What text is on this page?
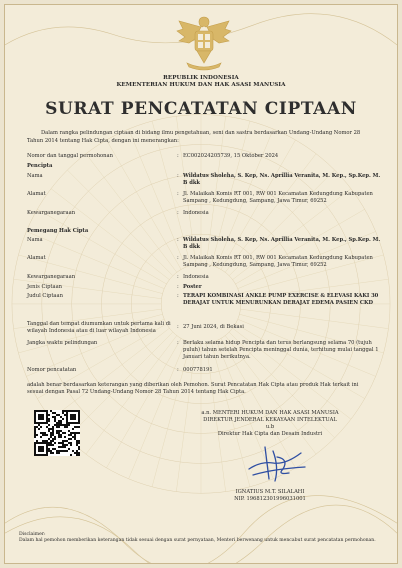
REPUBLIK INDONESIA
KEMENTERIAN HUKUM DAN HAK ASASI MANUSIA
SURAT PENCATATAN CIPTAAN
Dalam rangka pelindungan ciptaan di bidang ilmu pengetahuan, seni dan sastra berdasarkan Undang-Undang Nomor 28 Tahun 2014 tentang Hak Cipta, dengan ini menerangkan:
Nomor dan tanggal permohonan	: EC002024205739, 15 Oktober 2024
Pencipta
Nama	: Wildatus Sholeha, S. Kep, Ns. Aprillia Veranita, M. Kep., Sp.Kep. M. B dkk
Alamat	: Jl. Malaikah Komis RT 001, RW 001 Kecamatan Kedungdung Kabupaten Sampang , Kedungdung, Sampang, Jawa Timur, 69252
Kewarganegaraan	: Indonesia
Pemegang Hak Cipta
Nama	: Wildatus Sholeha, S. Kep, Ns. Aprillia Veranita, M. Kep., Sp.Kep. M. B dkk
Alamat	: Jl. Malaikah Komis RT 001, RW 001 Kecamatan Kedungdung Kabupaten Sampang , Kedungdung, Sampang, Jawa Timur, 69252
Kewarganegaraan	: Indonesia
Jenis Ciptaan	: Poster
Judul Ciptaan	: TERAPI KOMBINASI ANKLE PUMP EXERCISE & ELEVASI KAKI 30 DERAJAT UNTUK MENURUNKAN DERAJAT EDEMA PASIEN CKD
Tanggal dan tempat diumumkan untuk pertama kali di wilayah Indonesia atau di luar wilayah Indonesia
: 27 Juni 2024, di Bekasi
Jangka waktu pelindungan	: Berlaku selama hidup Pencipta dan terus berlangsung selama 70 (tujuh puluh) tahun setelah Pencipta meninggal dunia, terhitung mulai tanggal 1 Januari tahun berikutnya.
Nomor pencatatan	: 000778191
adalah benar berdasarkan keterangan yang diberikan oleh Pemohon. Surat Pencatatan Hak Cipta atau produk Hak terkait ini sesuai dengan Pasal 72 Undang-Undang Nomor 28 Tahun 2014 tentang Hak Cipta.
a.n. MENTERI HUKUM DAN HAK ASASI MANUSIA
DIREKTUR JENDERAL KEKAYAAN INTELEKTUAL
u.b
Direktur Hak Cipta dan Desain Industri
IGNATIUS M.T. SILALAHI
NIP. 196812301996031001
Disclaimer:
Dalam hal pemohon memberikan keterangan tidak sesuai dengan surat pernyataan, Menteri berwenang untuk mencabut surat pencatatan permohonan.
